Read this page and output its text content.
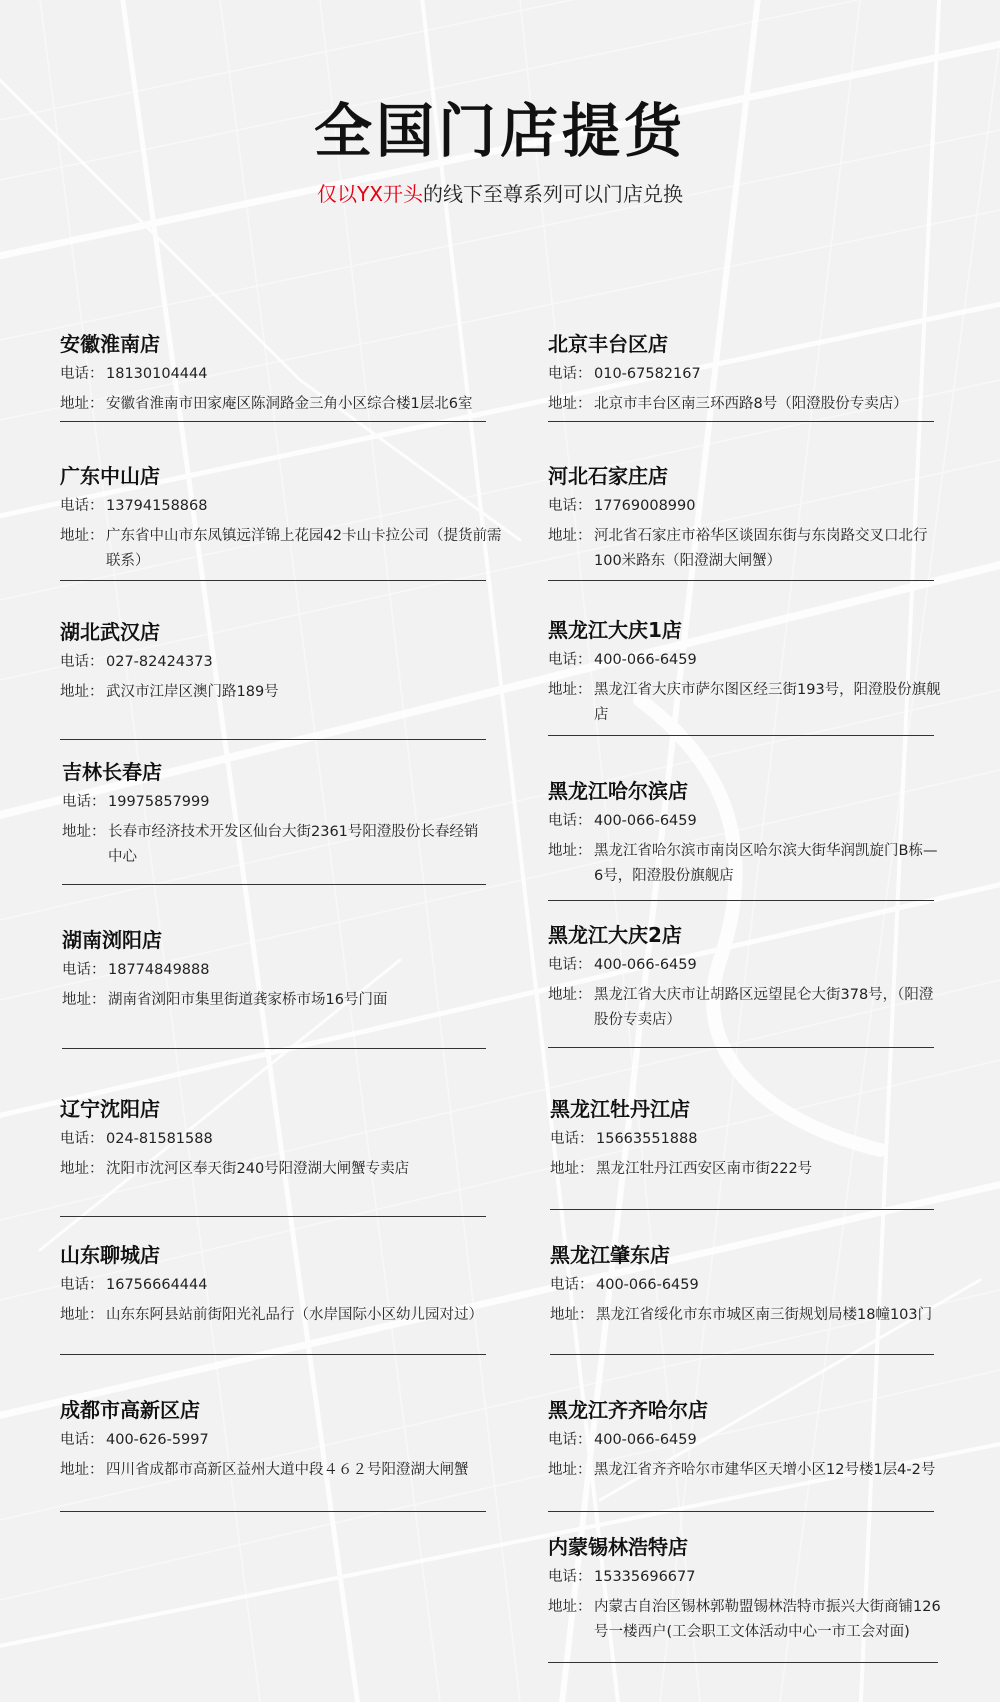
全国门店提货
仅以YX开头的线下至尊系列可以门店兑换
安徽淮南店
电话： 18130104444
地址： 安徽省淮南市田家庵区陈洞路金三角小区综合楼1层北6室
广东中山店
电话： 13794158868
地址： 广东省中山市东凤镇远洋锦上花园42卡山卡拉公司（提货前需联系）
湖北武汉店
电话： 027-82424373
地址： 武汉市江岸区澳门路189号
吉林长春店
电话： 19975857999
地址： 长春市经济技术开发区仙台大街2361号阳澄股份长春经销中心
湖南浏阳店
电话： 18774849888
地址： 湖南省浏阳市集里街道龚家桥市场16号门面
辽宁沈阳店
电话： 024-81581588
地址： 沈阳市沈河区奉天街240号阳澄湖大闸蟹专卖店
山东聊城店
电话： 16756664444
地址： 山东东阿县站前街阳光礼品行（水岸国际小区幼儿园对过）
成都市高新区店
电话： 400-626-5997
地址： 四川省成都市高新区益州大道中段４６２号阳澄湖大闸蟹
北京丰台区店
电话： 010-67582167
地址： 北京市丰台区南三环西路8号（阳澄股份专卖店）
河北石家庄店
电话： 17769008990
地址： 河北省石家庄市裕华区谈固东街与东岗路交叉口北行100米路东（阳澄湖大闸蟹）
黑龙江大庆1店
电话： 400-066-6459
地址： 黑龙江省大庆市萨尔图区经三街193号，阳澄股份旗舰店
黑龙江哈尔滨店
电话： 400-066-6459
地址： 黑龙江省哈尔滨市南岗区哈尔滨大街华润凯旋门B栋—6号，阳澄股份旗舰店
黑龙江大庆2店
电话： 400-066-6459
地址： 黑龙江省大庆市让胡路区远望昆仑大街378号，（阳澄股份专卖店）
黑龙江牡丹江店
电话： 15663551888
地址： 黑龙江牡丹江西安区南市街222号
黑龙江肇东店
电话： 400-066-6459
地址： 黑龙江省绥化市东市城区南三街规划局楼18幢103门
黑龙江齐齐哈尔店
电话： 400-066-6459
地址： 黑龙江省齐齐哈尔市建华区天增小区12号楼1层4-2号
内蒙锡林浩特店
电话： 15335696677
地址： 内蒙古自治区锡林郭勒盟锡林浩特市振兴大街商铺126号一楼西户(工会职工文体活动中心一市工会对面)
